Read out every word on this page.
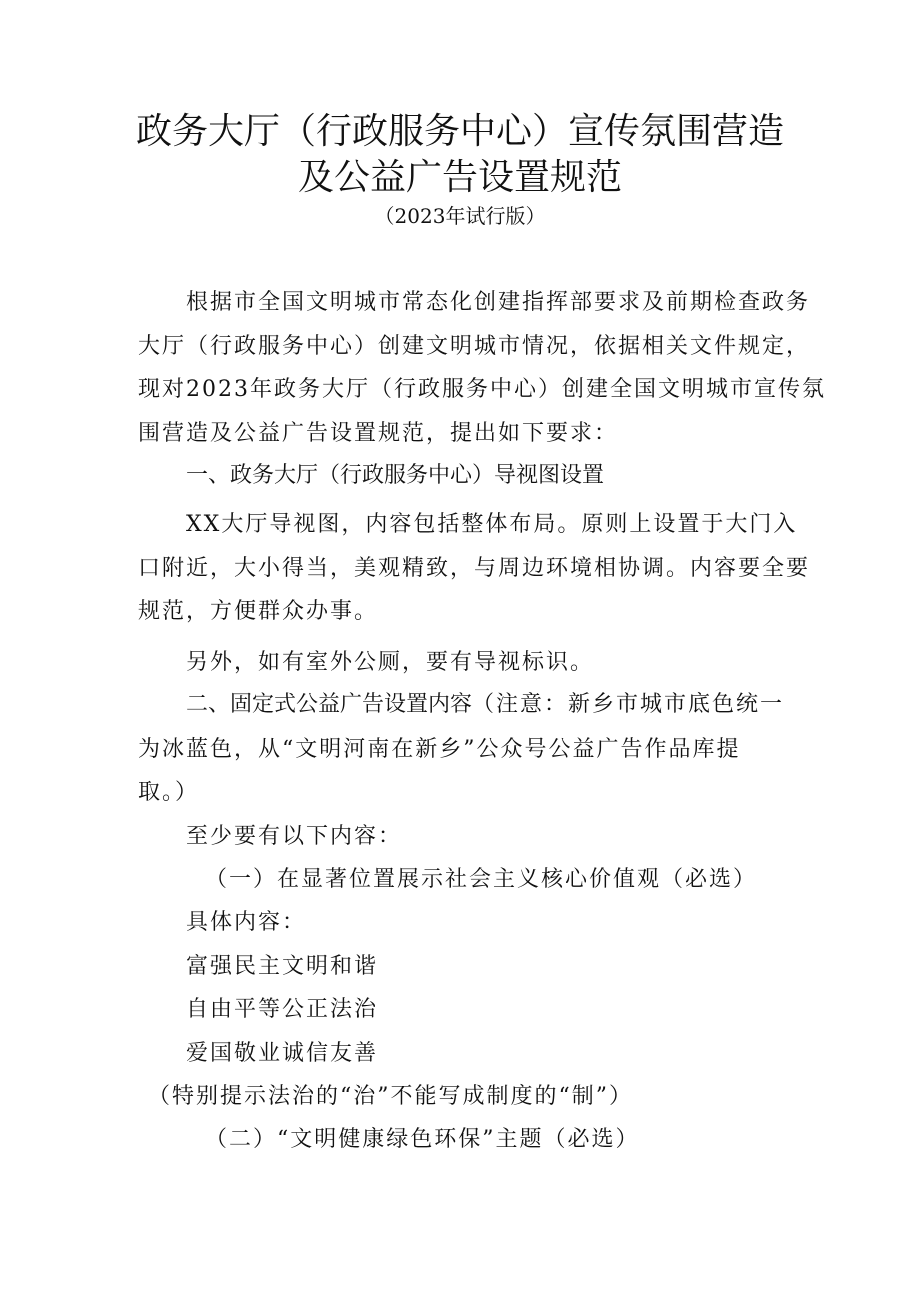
政务大厅（行政服务中心）宣传氛围营造
及公益广告设置规范
（2023年试行版）
根据市全国文明城市常态化创建指挥部要求及前期检查政务
大厅（行政服务中心）创建文明城市情况，依据相关文件规定，
现对2023年政务大厅（行政服务中心）创建全国文明城市宣传氛
围营造及公益广告设置规范，提出如下要求：
一、政务大厅（行政服务中心）导视图设置
XX大厅导视图，内容包括整体布局。原则上设置于大门入
口附近，大小得当，美观精致，与周边环境相协调。内容要全要
规范，方便群众办事。
另外，如有室外公厕，要有导视标识。
二、固定式公益广告设置内容（注意：新乡市城市底色统一
为冰蓝色，从“文明河南在新乡”公众号公益广告作品库提
取。）
至少要有以下内容：
（一）在显著位置展示社会主义核心价值观（必选）
具体内容：
富强民主文明和谐
自由平等公正法治
爱国敬业诚信友善
（特别提示法治的“治”不能写成制度的“制”）
（二）“文明健康绿色环保”主题（必选）
